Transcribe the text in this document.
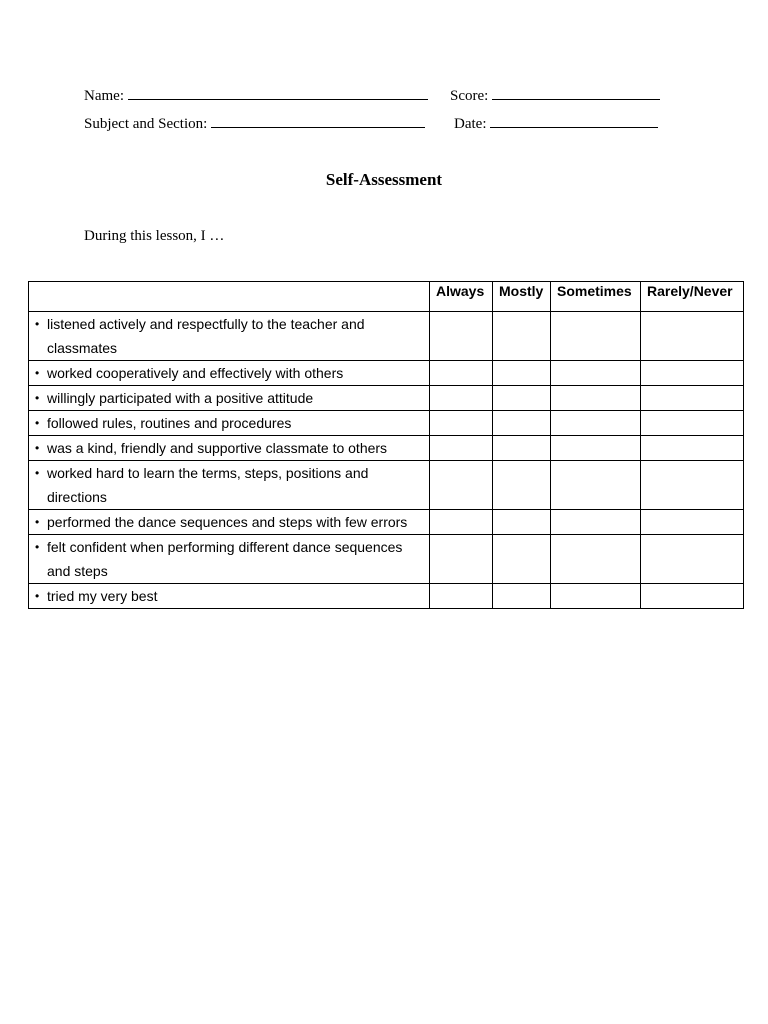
Name:	Score:
Subject and Section:	Date:
Self-Assessment
During this lesson, I …
	Always	Mostly	Sometimes	Rarely/Never

• listened actively and respectfully to the teacher and classmates				

• worked cooperatively and effectively with others				

• willingly participated with a positive attitude				

• followed rules, routines and procedures				

• was a kind, friendly and supportive classmate to others				

• worked hard to learn the terms, steps, positions and directions				

• performed the dance sequences and steps with few errors				

• felt confident when performing different dance sequences and steps				

• tried my very best				
